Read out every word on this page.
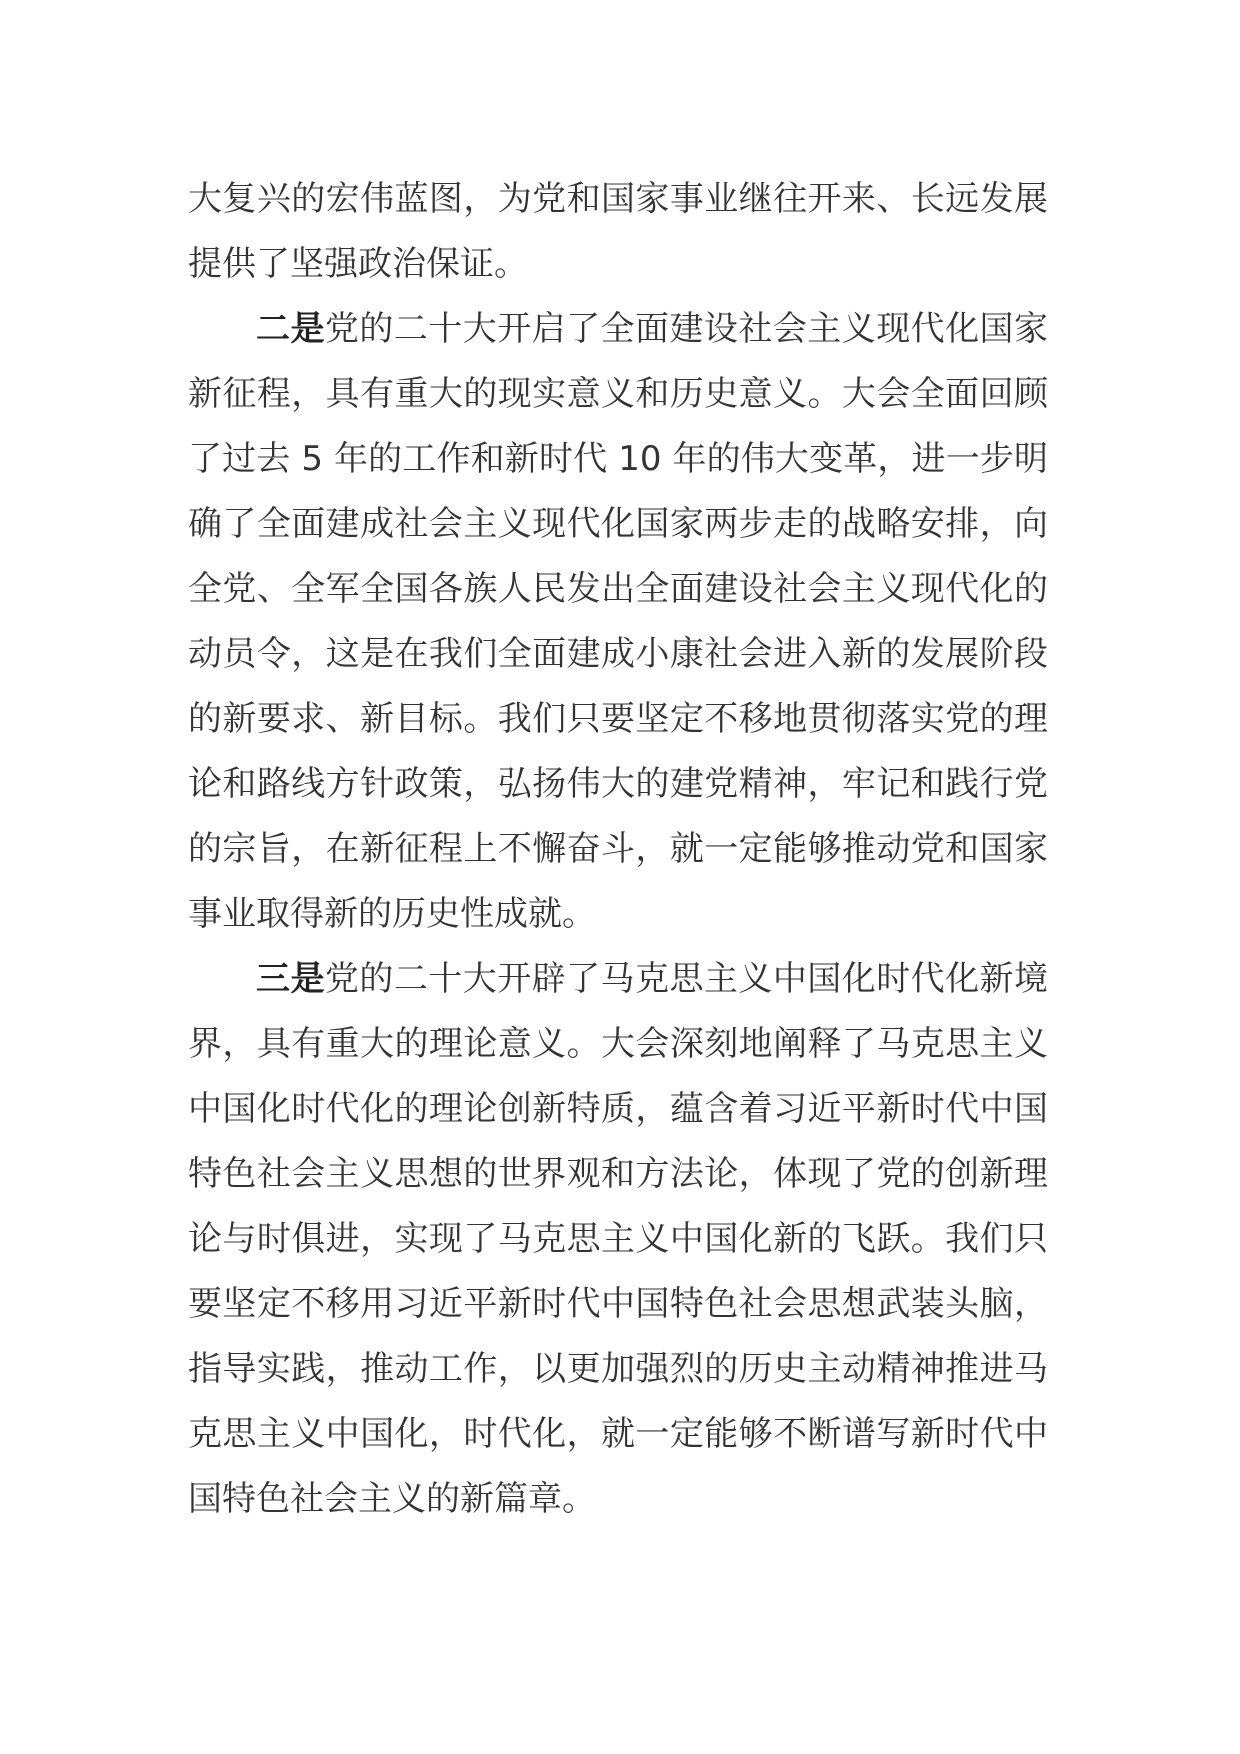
大复兴的宏伟蓝图，为党和国家事业继往开来、长远发展提供了坚强政治保证。

二是党的二十大开启了全面建设社会主义现代化国家新征程，具有重大的现实意义和历史意义。大会全面回顾了过去 5 年的工作和新时代 10 年的伟大变革，进一步明确了全面建成社会主义现代化国家两步走的战略安排，向全党、全军全国各族人民发出全面建设社会主义现代化的动员令，这是在我们全面建成小康社会进入新的发展阶段的新要求、新目标。我们只要坚定不移地贯彻落实党的理论和路线方针政策，弘扬伟大的建党精神，牢记和践行党的宗旨，在新征程上不懈奋斗，就一定能够推动党和国家事业取得新的历史性成就。

三是党的二十大开辟了马克思主义中国化时代化新境界，具有重大的理论意义。大会深刻地阐释了马克思主义中国化时代化的理论创新特质，蕴含着习近平新时代中国特色社会主义思想的世界观和方法论，体现了党的创新理论与时俱进，实现了马克思主义中国化新的飞跃。我们只要坚定不移用习近平新时代中国特色社会思想武装头脑，指导实践，推动工作，以更加强烈的历史主动精神推进马克思主义中国化，时代化，就一定能够不断谱写新时代中国特色社会主义的新篇章。
